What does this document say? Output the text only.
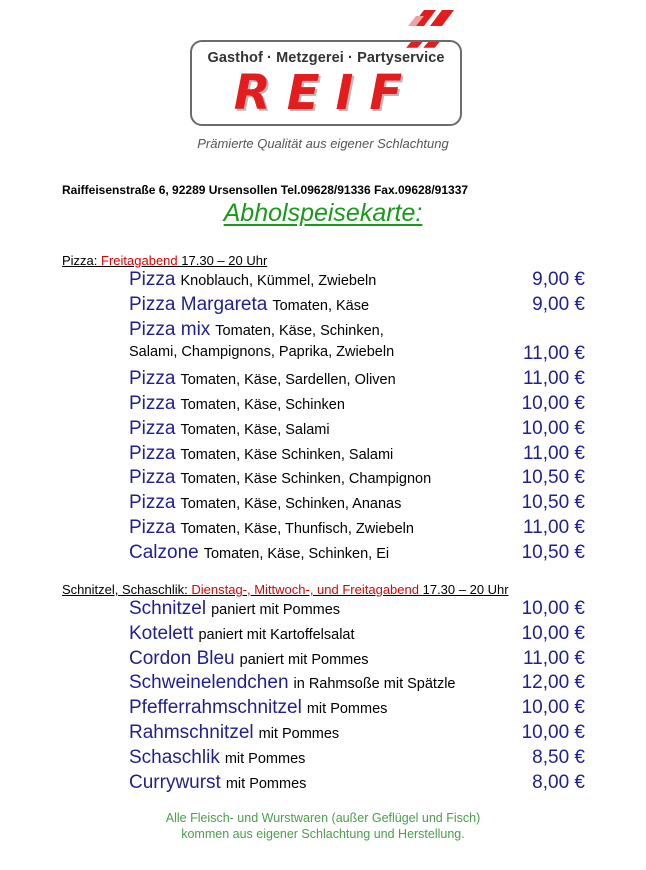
Gasthof · Metzgerei · Partyservice
REIF
Prämierte Qualität aus eigener Schlachtung
Raiffeisenstraße 6, 92289 Ursensollen Tel.09628/91336 Fax.09628/91337
Abholspeisekarte:
Pizza: Freitagabend 17.30 – 20 Uhr
Pizza Knoblauch, Kümmel, Zwiebeln	9,00 €
Pizza Margareta Tomaten, Käse	9,00 €
Pizza mix Tomaten, Käse, Schinken,
Salami, Champignons, Paprika, Zwiebeln	11,00 €
Pizza Tomaten, Käse, Sardellen, Oliven	11,00 €
Pizza Tomaten, Käse, Schinken	10,00 €
Pizza Tomaten, Käse, Salami	10,00 €
Pizza Tomaten, Käse Schinken, Salami	11,00 €
Pizza Tomaten, Käse Schinken, Champignon	10,50 €
Pizza Tomaten, Käse, Schinken, Ananas	10,50 €
Pizza Tomaten, Käse, Thunfisch, Zwiebeln	11,00 €
Calzone Tomaten, Käse, Schinken, Ei	10,50 €
Schnitzel, Schaschlik: Dienstag-, Mittwoch-, und Freitagabend 17.30 – 20 Uhr
Schnitzel paniert mit Pommes	10,00 €
Kotelett paniert mit Kartoffelsalat	10,00 €
Cordon Bleu paniert mit Pommes	11,00 €
Schweinelendchen in Rahmsoße mit Spätzle	12,00 €
Pfefferrahmschnitzel mit Pommes	10,00 €
Rahmschnitzel mit Pommes	10,00 €
Schaschlik mit Pommes	8,50 €
Currywurst mit Pommes	8,00 €
Alle Fleisch- und Wurstwaren (außer Geflügel und Fisch)
kommen aus eigener Schlachtung und Herstellung.
